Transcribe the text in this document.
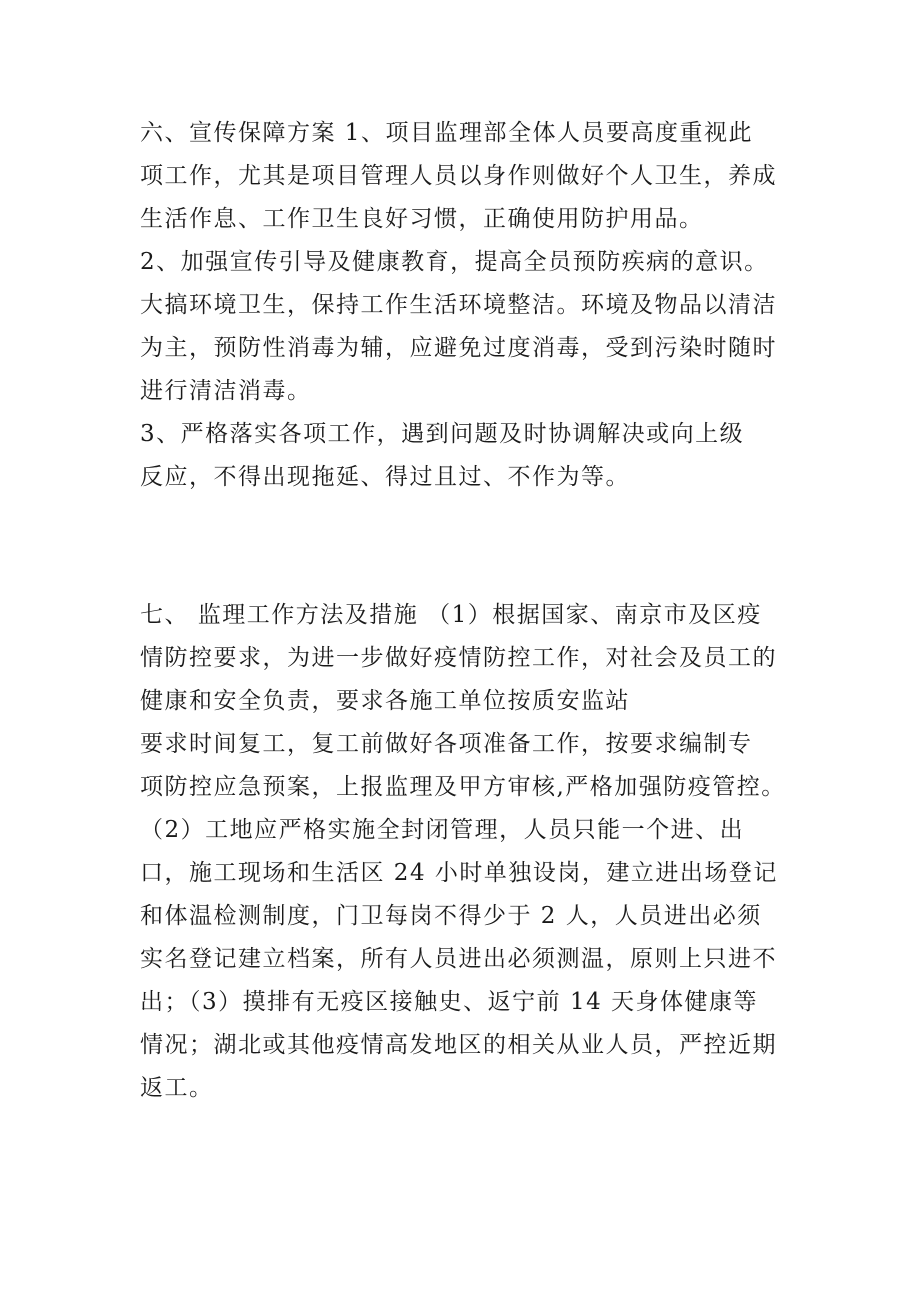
六、宣传保障方案 1、项目监理部全体人员要高度重视此
项工作，尤其是项目管理人员以身作则做好个人卫生，养成
生活作息、工作卫生良好习惯，正确使用防护用品。
2、加强宣传引导及健康教育，提高全员预防疾病的意识。
大搞环境卫生，保持工作生活环境整洁。环境及物品以清洁
为主，预防性消毒为辅，应避免过度消毒，受到污染时随时
进行清洁消毒。
3、严格落实各项工作，遇到问题及时协调解决或向上级
反应，不得出现拖延、得过且过、不作为等。
七、 监理工作方法及措施 （1）根据国家、南京市及区疫
情防控要求，为进一步做好疫情防控工作，对社会及员工的
健康和安全负责，要求各施工单位按质安监站
要求时间复工，复工前做好各项准备工作，按要求编制专
项防控应急预案，上报监理及甲方审核,严格加强防疫管控。
（2）工地应严格实施全封闭管理，人员只能一个进、出
口，施工现场和生活区 24 小时单独设岗，建立进出场登记
和体温检测制度，门卫每岗不得少于 2 人，人员进出必须
实名登记建立档案，所有人员进出必须测温，原则上只进不
出；（3）摸排有无疫区接触史、返宁前 14 天身体健康等
情况；湖北或其他疫情高发地区的相关从业人员，严控近期
返工。
